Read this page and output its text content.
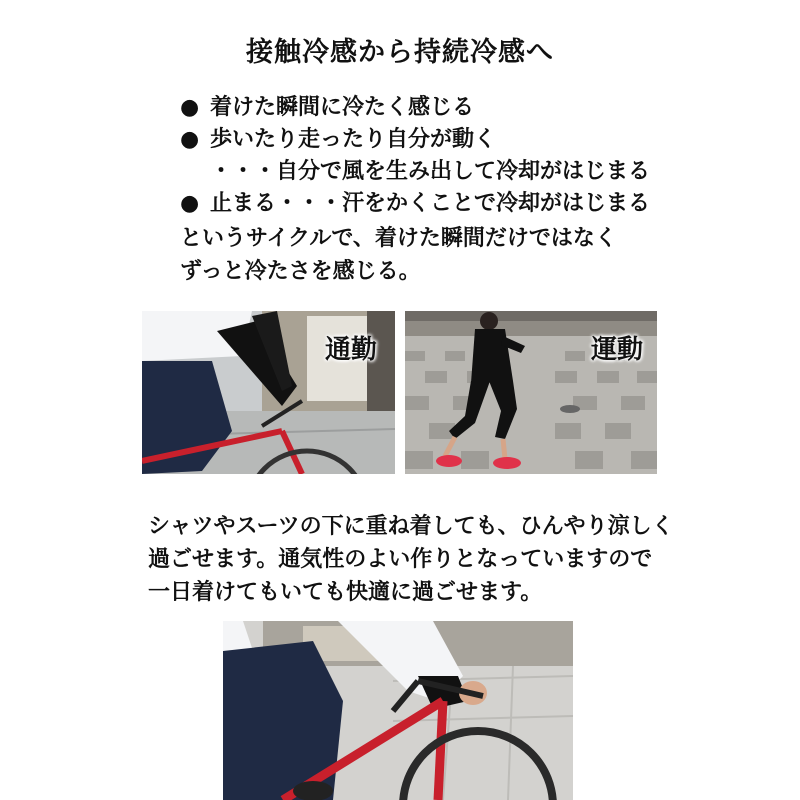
接触冷感から持続冷感へ
● 着けた瞬間に冷たく感じる
● 歩いたり走ったり自分が動く
・・・自分で風を生み出して冷却がはじまる
● 止まる・・・汗をかくことで冷却がはじまる
というサイクルで、着けた瞬間だけではなく
ずっと冷たさを感じる。
通勤	運動
シャツやスーツの下に重ね着しても、ひんやり涼しく
過ごせます。通気性のよい作りとなっていますので
一日着けてもいても快適に過ごせます。
